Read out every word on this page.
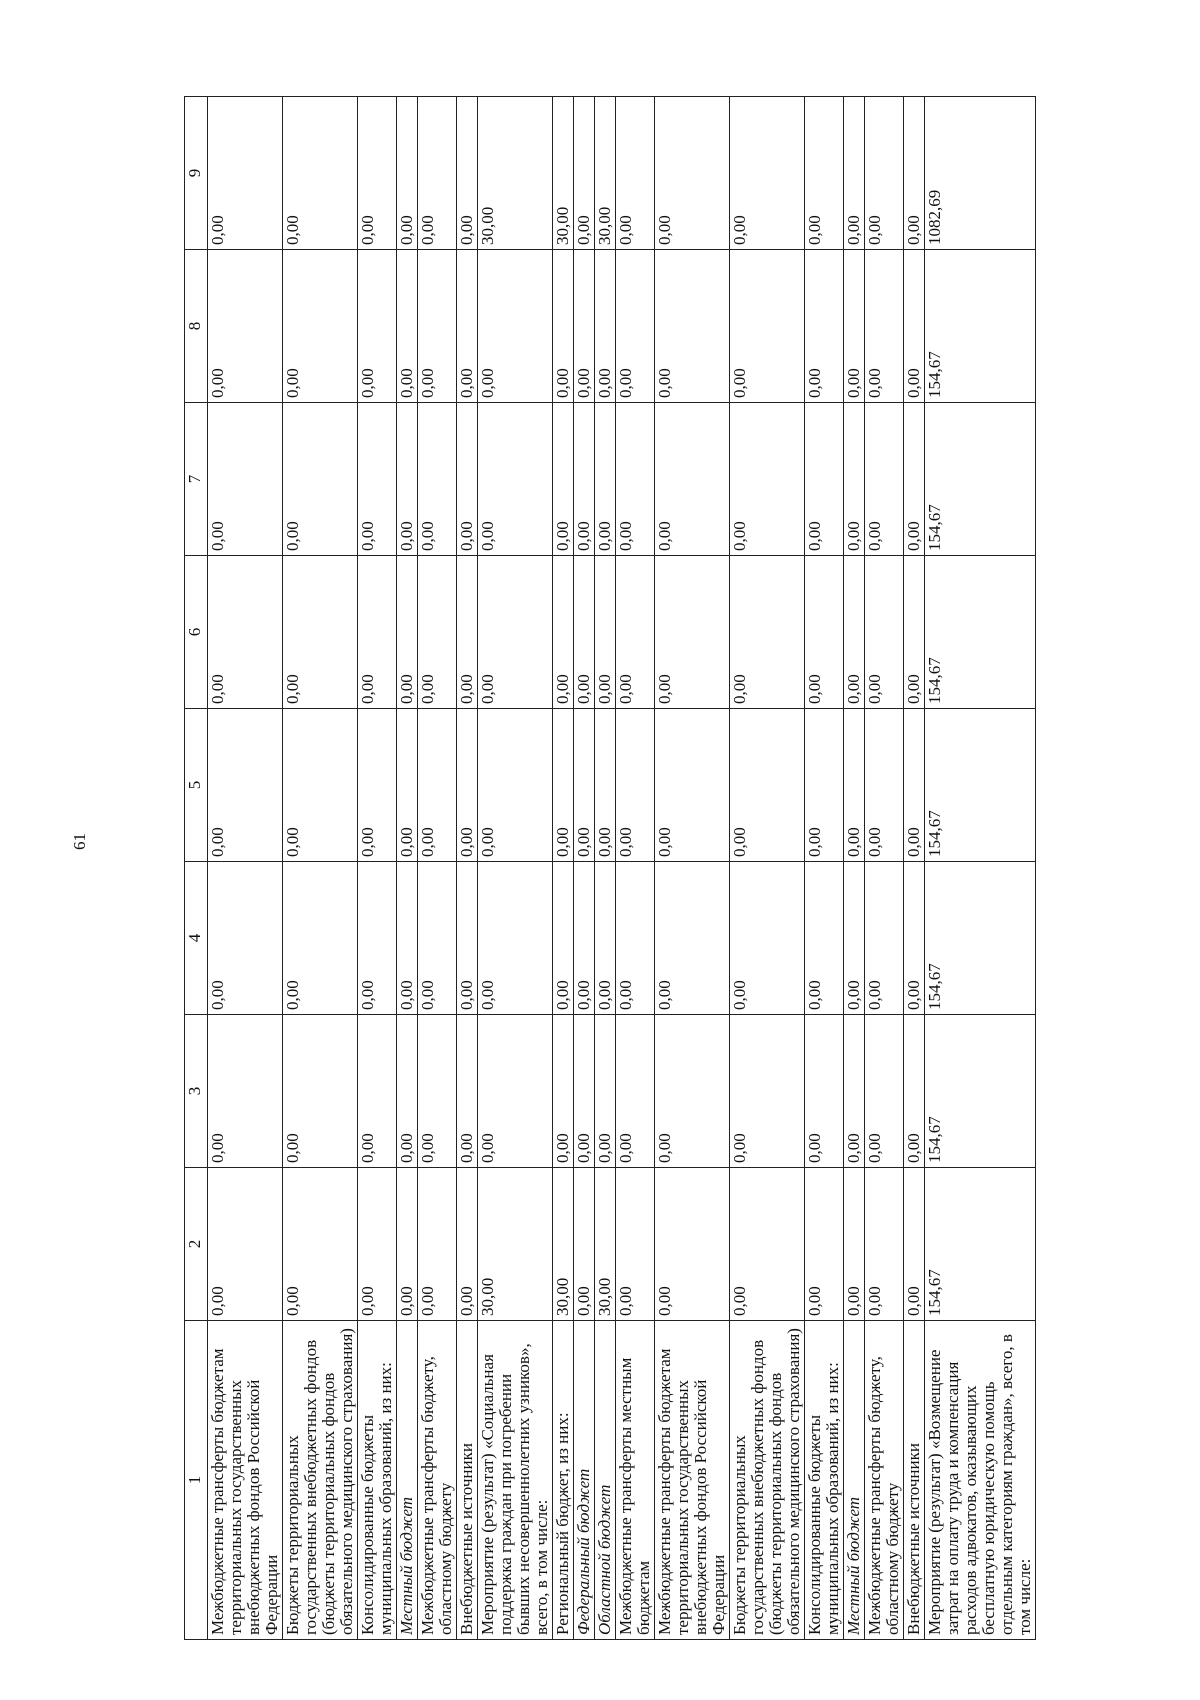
61
1	2	3	4	5	6	7	8	9
Межбюджетные трансферты бюджетам территориальных государственных внебюджетных фондов Российской Федерации	0,00	0,00	0,00	0,00	0,00	0,00	0,00	0,00
Бюджеты территориальных государственных внебюджетных фондов (бюджеты территориальных фондов обязательного медицинского страхования)	0,00	0,00	0,00	0,00	0,00	0,00	0,00	0,00
Консолидированные бюджеты муниципальных образований, из них:	0,00	0,00	0,00	0,00	0,00	0,00	0,00	0,00
Местный бюджет	0,00	0,00	0,00	0,00	0,00	0,00	0,00	0,00
Межбюджетные трансферты бюджету, областному бюджету	0,00	0,00	0,00	0,00	0,00	0,00	0,00	0,00
Внебюджетные источники	0,00	0,00	0,00	0,00	0,00	0,00	0,00	0,00
Мероприятие (результат) «Социальная поддержка граждан при погребении бывших несовершеннолетних узников», всего, в том числе:	30,00	0,00	0,00	0,00	0,00	0,00	0,00	30,00
Региональный бюджет, из них:	30,00	0,00	0,00	0,00	0,00	0,00	0,00	30,00
Федеральный бюджет	0,00	0,00	0,00	0,00	0,00	0,00	0,00	0,00
Областной бюджет	30,00	0,00	0,00	0,00	0,00	0,00	0,00	30,00
Межбюджетные трансферты местным бюджетам	0,00	0,00	0,00	0,00	0,00	0,00	0,00	0,00
Межбюджетные трансферты бюджетам территориальных государственных внебюджетных фондов Российской Федерации	0,00	0,00	0,00	0,00	0,00	0,00	0,00	0,00
Бюджеты территориальных государственных внебюджетных фондов (бюджеты территориальных фондов обязательного медицинского страхования)	0,00	0,00	0,00	0,00	0,00	0,00	0,00	0,00
Консолидированные бюджеты муниципальных образований, из них:	0,00	0,00	0,00	0,00	0,00	0,00	0,00	0,00
Местный бюджет	0,00	0,00	0,00	0,00	0,00	0,00	0,00	0,00
Межбюджетные трансферты бюджету, областному бюджету	0,00	0,00	0,00	0,00	0,00	0,00	0,00	0,00
Внебюджетные источники	0,00	0,00	0,00	0,00	0,00	0,00	0,00	0,00
Мероприятие (результат) «Возмещение затрат на оплату труда и компенсация расходов адвокатов, оказывающих бесплатную юридическую помощь отдельным категориям граждан», всего, в том числе:	154,67	154,67	154,67	154,67	154,67	154,67	154,67	1082,69
